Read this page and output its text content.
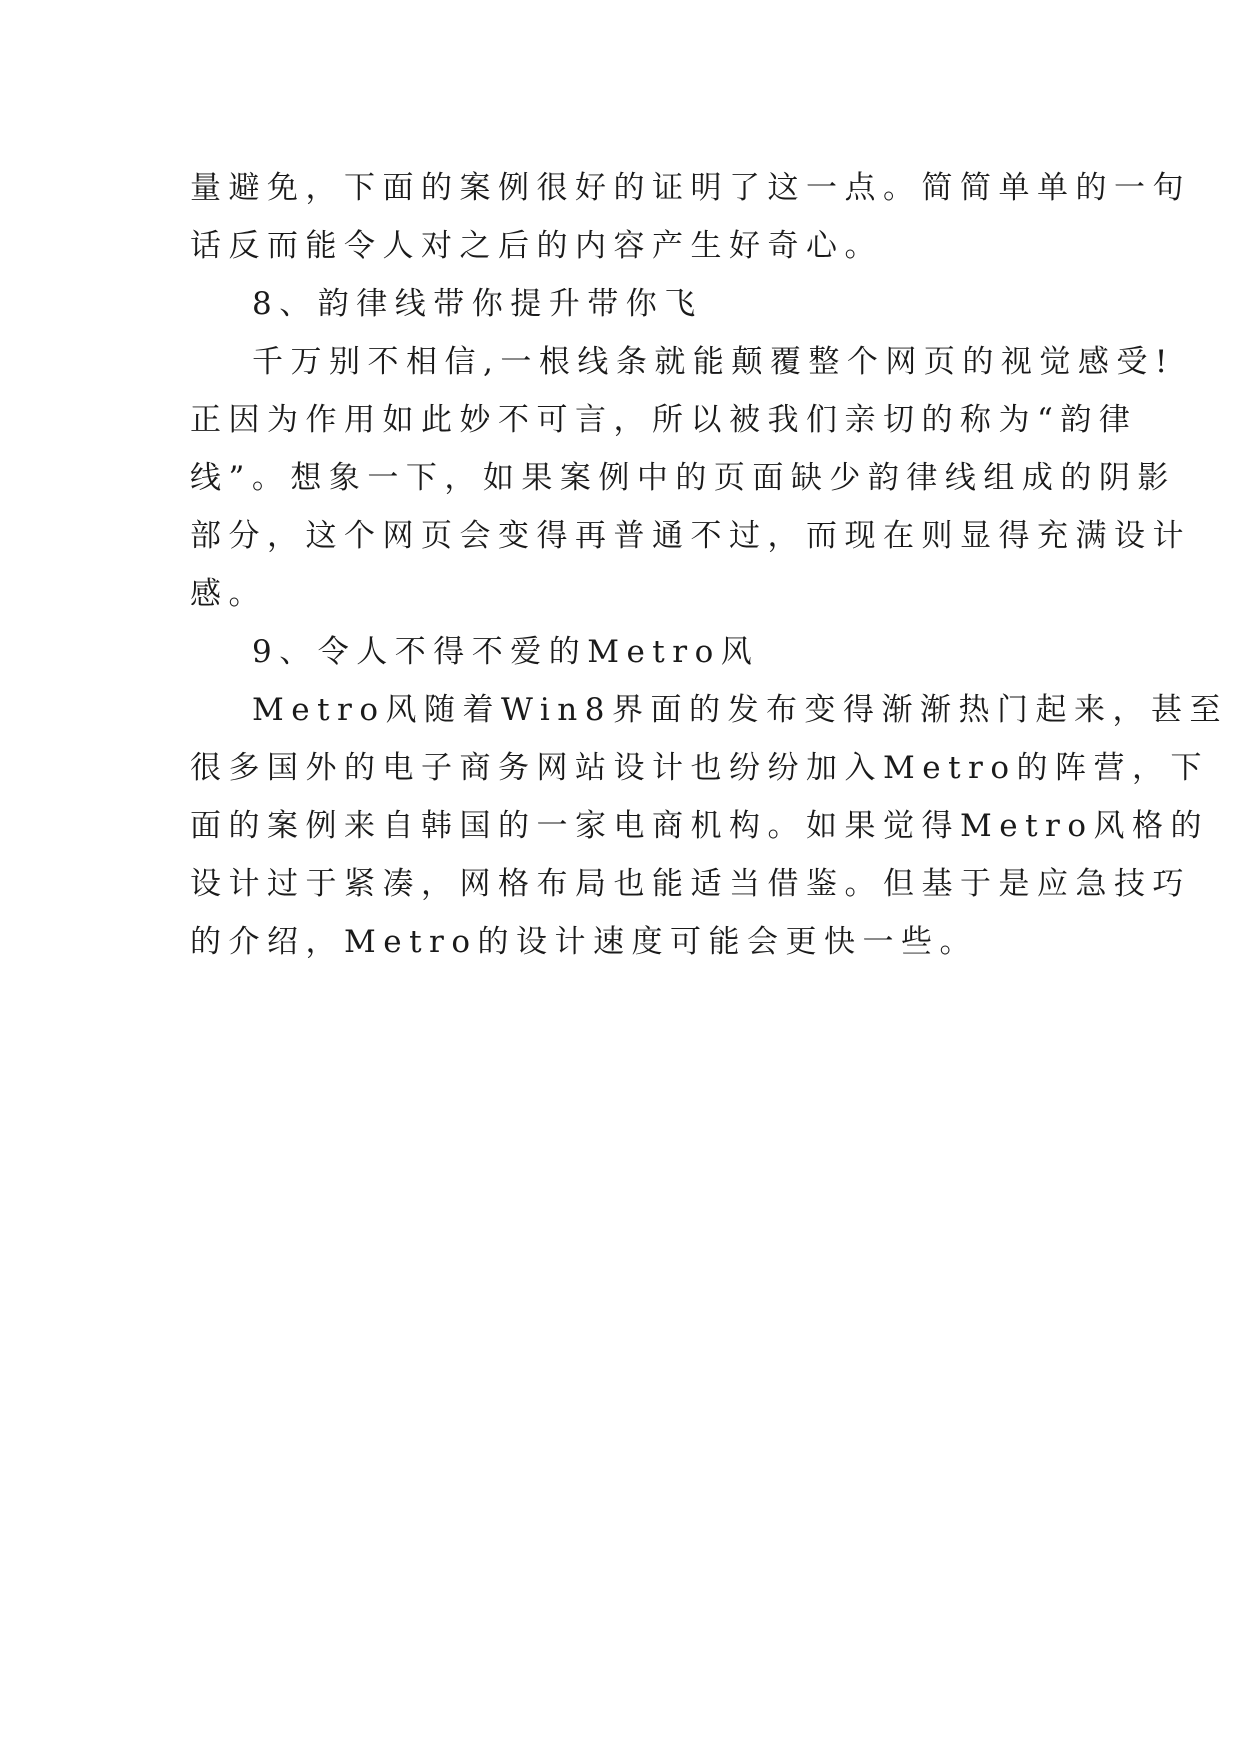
量避免，下面的案例很好的证明了这一点。简简单单的一句
话反而能令人对之后的内容产生好奇心。
8、韵律线带你提升带你飞
千万别不相信,一根线条就能颠覆整个网页的视觉感受!
正因为作用如此妙不可言，所以被我们亲切的称为“韵律
线”。想象一下，如果案例中的页面缺少韵律线组成的阴影
部分，这个网页会变得再普通不过，而现在则显得充满设计
感。
9、令人不得不爱的Metro风
Metro风随着Win8界面的发布变得渐渐热门起来，甚至
很多国外的电子商务网站设计也纷纷加入Metro的阵营，下
面的案例来自韩国的一家电商机构。如果觉得Metro风格的
设计过于紧凑，网格布局也能适当借鉴。但基于是应急技巧
的介绍，Metro的设计速度可能会更快一些。
